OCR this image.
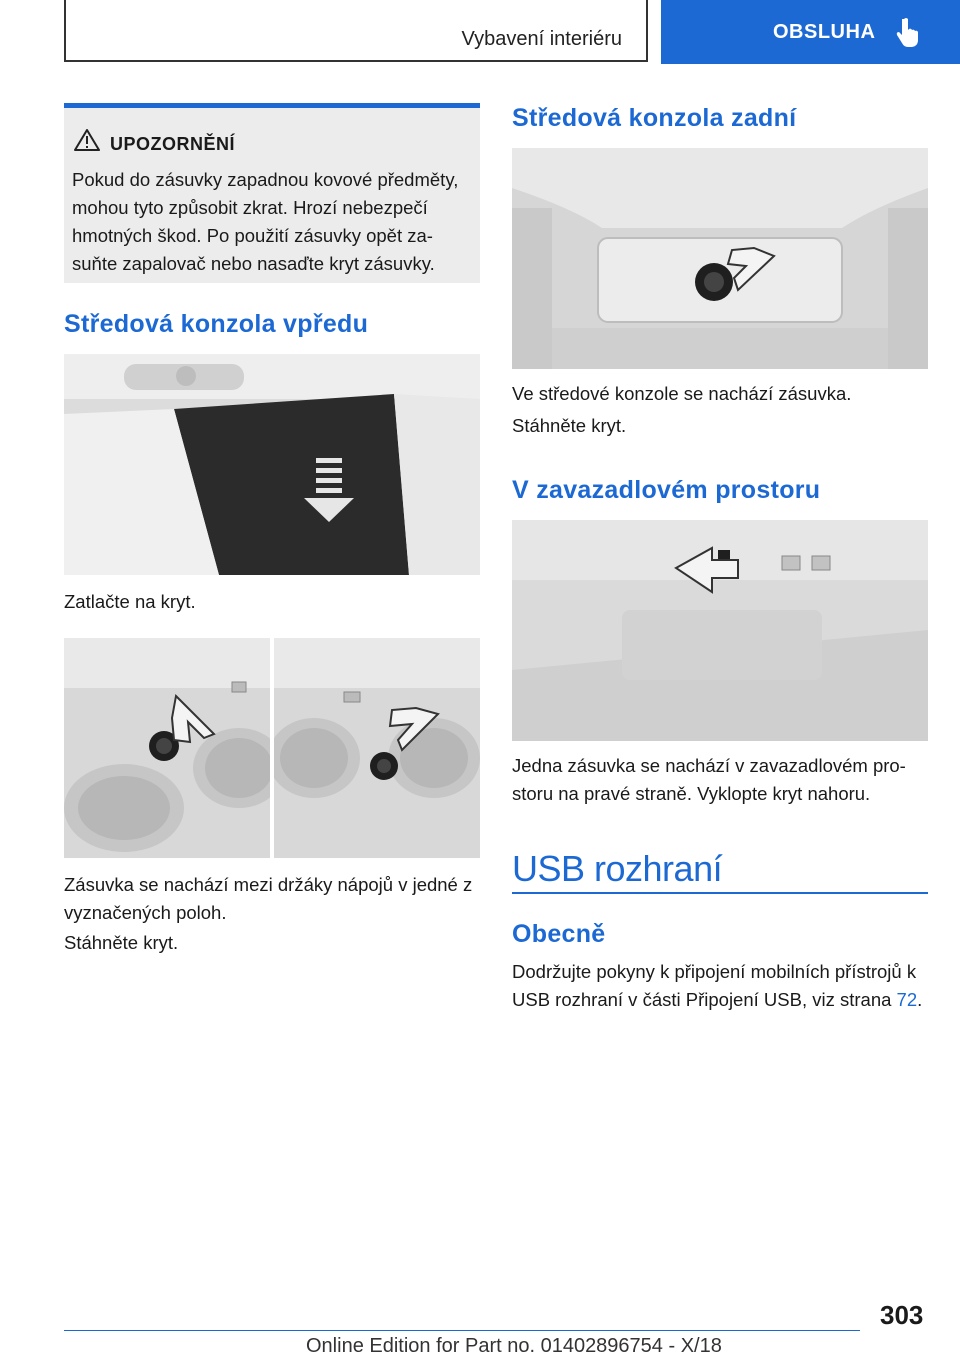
Vybavení interiéru	OBSLUHA
UPOZORNĚNÍ
Pokud do zásuvky zapadnou kovové předměty,
mohou tyto způsobit zkrat. Hrozí nebezpečí
hmotných škod. Po použití zásuvky opět za-
suňte zapalovač nebo nasaďte kryt zásuvky.
Středová konzola vpředu
Zatlačte na kryt.
Zásuvka se nachází mezi držáky nápojů v jedné z
vyznačených poloh.
Stáhněte kryt.
Středová konzola zadní
Ve středové konzole se nachází zásuvka.
Stáhněte kryt.
V zavazadlovém prostoru
Jedna zásuvka se nachází v zavazadlovém pro-
storu na pravé straně. Vyklopte kryt nahoru.
USB rozhraní
Obecně
Dodržujte pokyny k připojení mobilních přístrojů k
USB rozhraní v části Připojení USB, viz strana 72.
303
Online Edition for Part no. 01402896754 - X/18
